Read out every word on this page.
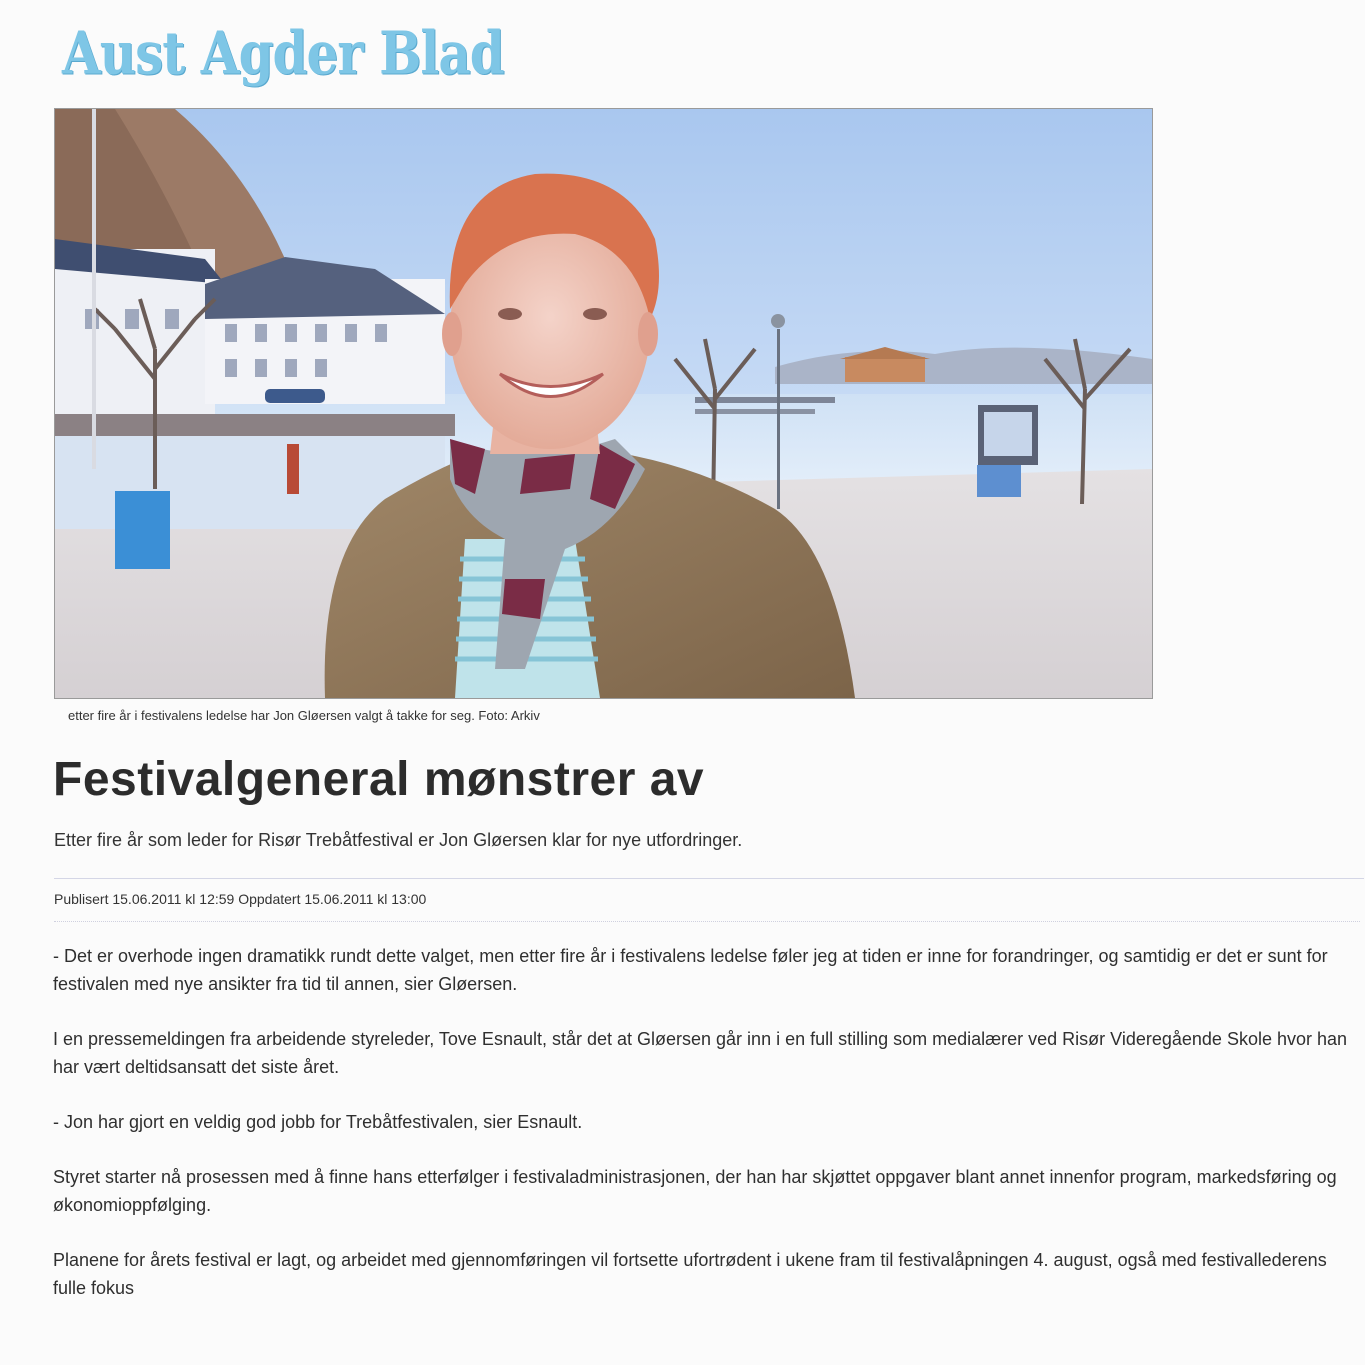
Aust Agder Blad
etter fire år i festivalens ledelse har Jon Gløersen valgt å takke for seg. Foto: Arkiv
Festivalgeneral mønstrer av
Etter fire år som leder for Risør Trebåtfestival er Jon Gløersen klar for nye utfordringer.
Publisert 15.06.2011 kl 12:59 Oppdatert 15.06.2011 kl 13:00

- Det er overhode ingen dramatikk rundt dette valget, men etter fire år i festivalens ledelse føler jeg at tiden er inne for forandringer, og samtidig er det er sunt for festivalen med nye ansikter fra tid til annen, sier Gløersen.

I en pressemeldingen fra arbeidende styreleder, Tove Esnault, står det at Gløersen går inn i en full stilling som medialærer ved Risør Videregående Skole hvor han har vært deltidsansatt det siste året.

- Jon har gjort en veldig god jobb for Trebåtfestivalen, sier Esnault.

Styret starter nå prosessen med å finne hans etterfølger i festivaladministrasjonen, der han har skjøttet oppgaver blant annet innenfor program, markedsføring og økonomioppfølging.

Planene for årets festival er lagt, og arbeidet med gjennomføringen vil fortsette ufortrødent i ukene fram til festivalåpningen 4. august, også med festivallederens fulle fokus
